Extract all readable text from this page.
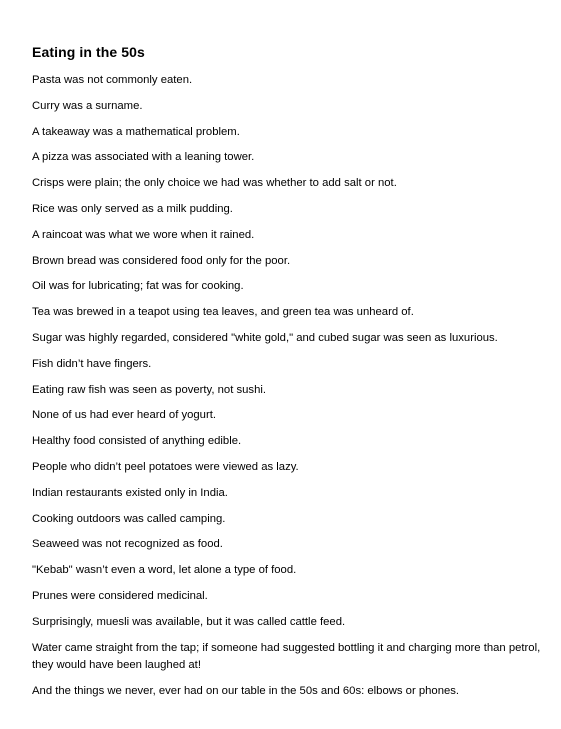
Eating in the 50s
Pasta was not commonly eaten.
Curry was a surname.
A takeaway was a mathematical problem.
A pizza was associated with a leaning tower.
Crisps were plain; the only choice we had was whether to add salt or not.
Rice was only served as a milk pudding.
A raincoat was what we wore when it rained.
Brown bread was considered food only for the poor.
Oil was for lubricating; fat was for cooking.
Tea was brewed in a teapot using tea leaves, and green tea was unheard of.
Sugar was highly regarded, considered "white gold," and cubed sugar was seen as luxurious.
Fish didn’t have fingers.
Eating raw fish was seen as poverty, not sushi.
None of us had ever heard of yogurt.
Healthy food consisted of anything edible.
People who didn’t peel potatoes were viewed as lazy.
Indian restaurants existed only in India.
Cooking outdoors was called camping.
Seaweed was not recognized as food.
"Kebab" wasn’t even a word, let alone a type of food.
Prunes were considered medicinal.
Surprisingly, muesli was available, but it was called cattle feed.
Water came straight from the tap; if someone had suggested bottling it and charging more than petrol, they would have been laughed at!
And the things we never, ever had on our table in the 50s and 60s: elbows or phones.
